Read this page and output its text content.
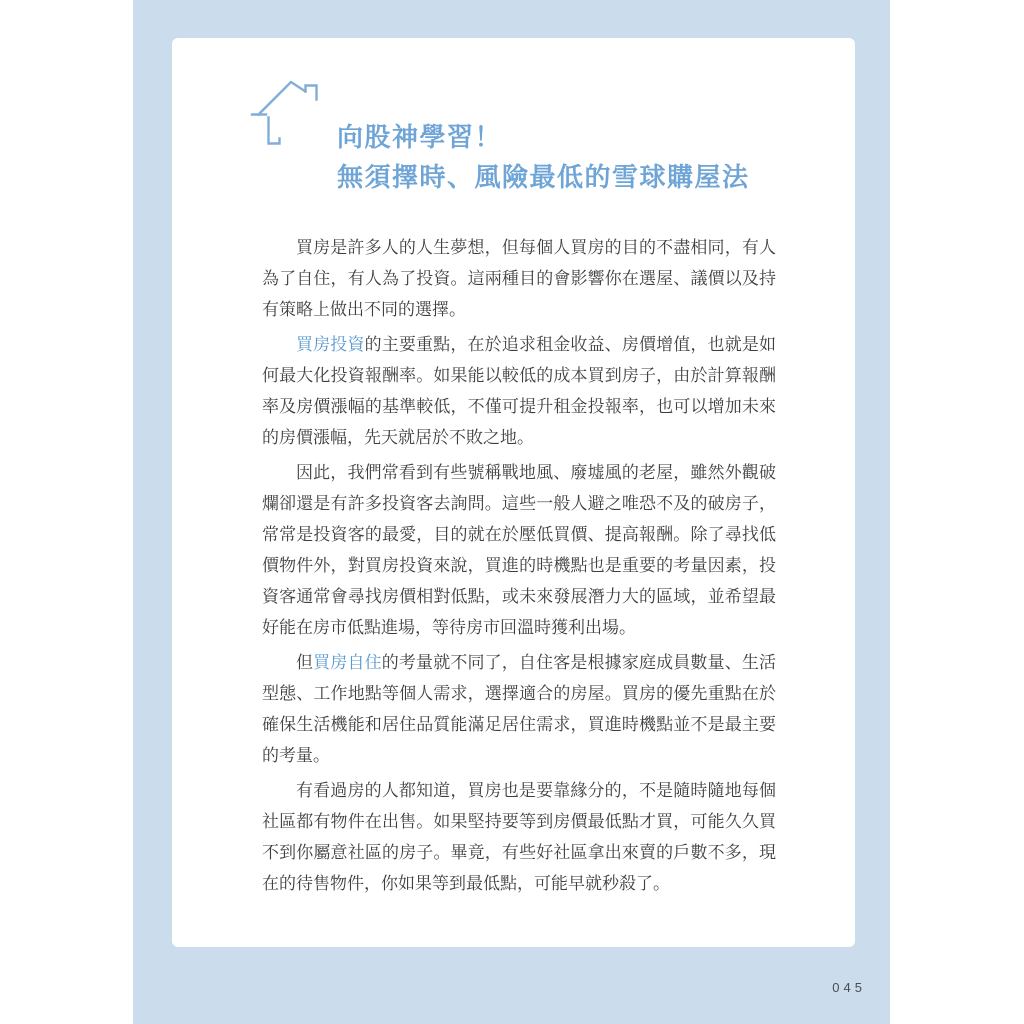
向股神學習！
無須擇時、風險最低的雪球購屋法

買房是許多人的人生夢想，但每個人買房的目的不盡相同，有人為了自住，有人為了投資。這兩種目的會影響你在選屋、議價以及持有策略上做出不同的選擇。

買房投資的主要重點，在於追求租金收益、房價增值，也就是如何最大化投資報酬率。如果能以較低的成本買到房子，由於計算報酬率及房價漲幅的基準較低，不僅可提升租金投報率，也可以增加未來的房價漲幅，先天就居於不敗之地。

因此，我們常看到有些號稱戰地風、廢墟風的老屋，雖然外觀破爛卻還是有許多投資客去詢問。這些一般人避之唯恐不及的破房子，常常是投資客的最愛，目的就在於壓低買價、提高報酬。除了尋找低價物件外，對買房投資來說，買進的時機點也是重要的考量因素，投資客通常會尋找房價相對低點，或未來發展潛力大的區域，並希望最好能在房市低點進場，等待房市回溫時獲利出場。

但買房自住的考量就不同了，自住客是根據家庭成員數量、生活型態、工作地點等個人需求，選擇適合的房屋。買房的優先重點在於確保生活機能和居住品質能滿足居住需求，買進時機點並不是最主要的考量。

有看過房的人都知道，買房也是要靠緣分的，不是隨時隨地每個社區都有物件在出售。如果堅持要等到房價最低點才買，可能久久買不到你屬意社區的房子。畢竟，有些好社區拿出來賣的戶數不多，現在的待售物件，你如果等到最低點，可能早就秒殺了。

045
